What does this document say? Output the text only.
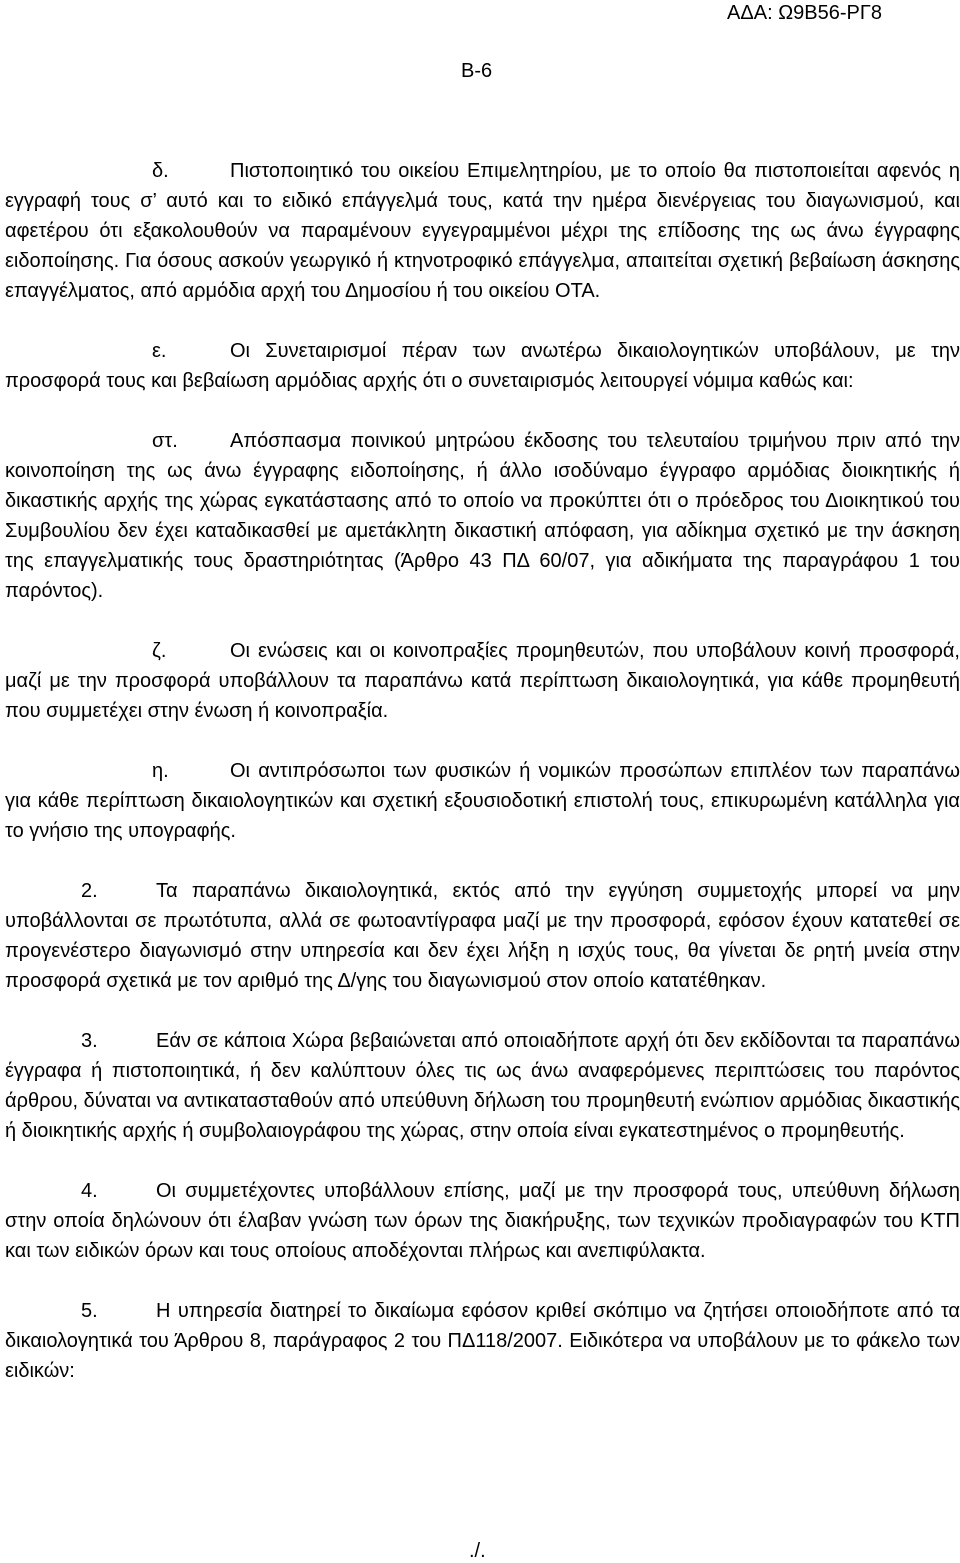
ΑΔΑ: Ω9Β56-ΡΓ8
Β-6

δ.	Πιστοποιητικό του οικείου Επιμελητηρίου, με το οποίο θα πιστοποιείται αφενός η εγγραφή τους σ’ αυτό και το ειδικό επάγγελμά τους, κατά την ημέρα διενέργειας του διαγωνισμού, και αφετέρου ότι εξακολουθούν να παραμένουν εγγεγραμμένοι μέχρι της επίδοσης της ως άνω έγγραφης ειδοποίησης. Για όσους ασκούν γεωργικό ή κτηνοτροφικό επάγγελμα, απαιτείται σχετική βεβαίωση άσκησης επαγγέλματος, από αρμόδια αρχή του Δημοσίου ή του οικείου ΟΤΑ.

ε.	Οι Συνεταιρισμοί πέραν των ανωτέρω δικαιολογητικών υποβάλουν, με την προσφορά τους και βεβαίωση αρμόδιας αρχής ότι ο συνεταιρισμός λειτουργεί νόμιμα καθώς και:

στ.	Απόσπασμα ποινικού μητρώου έκδοσης του τελευταίου τριμήνου πριν από την κοινοποίηση της ως άνω έγγραφης ειδοποίησης, ή άλλο ισοδύναμο έγγραφο αρμόδιας διοικητικής ή δικαστικής αρχής της χώρας εγκατάστασης από το οποίο να προκύπτει ότι ο πρόεδρος του Διοικητικού του Συμβουλίου δεν έχει καταδικασθεί με αμετάκλητη δικαστική απόφαση, για αδίκημα σχετικό με την άσκηση της επαγγελματικής τους δραστηριότητας (Άρθρο 43 ΠΔ 60/07, για αδικήματα της παραγράφου 1 του παρόντος).

ζ.	Οι ενώσεις και οι κοινοπραξίες προμηθευτών, που υποβάλουν κοινή προσφορά, μαζί με την προσφορά υποβάλλουν τα παραπάνω κατά περίπτωση δικαιολογητικά, για κάθε προμηθευτή που συμμετέχει στην ένωση ή κοινοπραξία.

η.	Οι αντιπρόσωποι των φυσικών ή νομικών προσώπων επιπλέον των παραπάνω για κάθε περίπτωση δικαιολογητικών και σχετική εξουσιοδοτική επιστολή τους, επικυρωμένη κατάλληλα για το γνήσιο της υπογραφής.

2.	Τα παραπάνω δικαιολογητικά, εκτός από την εγγύηση συμμετοχής μπορεί να μην υποβάλλονται σε πρωτότυπα, αλλά σε φωτοαντίγραφα μαζί με την προσφορά, εφόσον έχουν κατατεθεί σε προγενέστερο διαγωνισμό στην υπηρεσία και δεν έχει λήξη η ισχύς τους, θα γίνεται δε ρητή μνεία στην προσφορά σχετικά με τον αριθμό της Δ/γης του διαγωνισμού στον οποίο κατατέθηκαν.

3.	Εάν σε κάποια Χώρα βεβαιώνεται από οποιαδήποτε αρχή ότι δεν εκδίδονται τα παραπάνω έγγραφα ή πιστοποιητικά, ή δεν καλύπτουν όλες τις ως άνω αναφερόμενες περιπτώσεις του παρόντος άρθρου, δύναται να αντικατασταθούν από υπεύθυνη δήλωση του προμηθευτή ενώπιον αρμόδιας δικαστικής ή διοικητικής αρχής ή συμβολαιογράφου της χώρας, στην οποία είναι εγκατεστημένος ο προμηθευτής.

4.	Οι συμμετέχοντες υποβάλλουν επίσης, μαζί με την προσφορά τους, υπεύθυνη δήλωση στην οποία δηλώνουν ότι έλαβαν γνώση των όρων της διακήρυξης, των τεχνικών προδιαγραφών του ΚΤΠ και των ειδικών όρων και τους οποίους αποδέχονται πλήρως και ανεπιφύλακτα.

5.	Η υπηρεσία διατηρεί το δικαίωμα εφόσον κριθεί σκόπιμο να ζητήσει οποιοδήποτε από τα δικαιολογητικά του Άρθρου 8, παράγραφος 2 του ΠΔ118/2007. Ειδικότερα να υποβάλουν με το φάκελο των ειδικών:

./.
